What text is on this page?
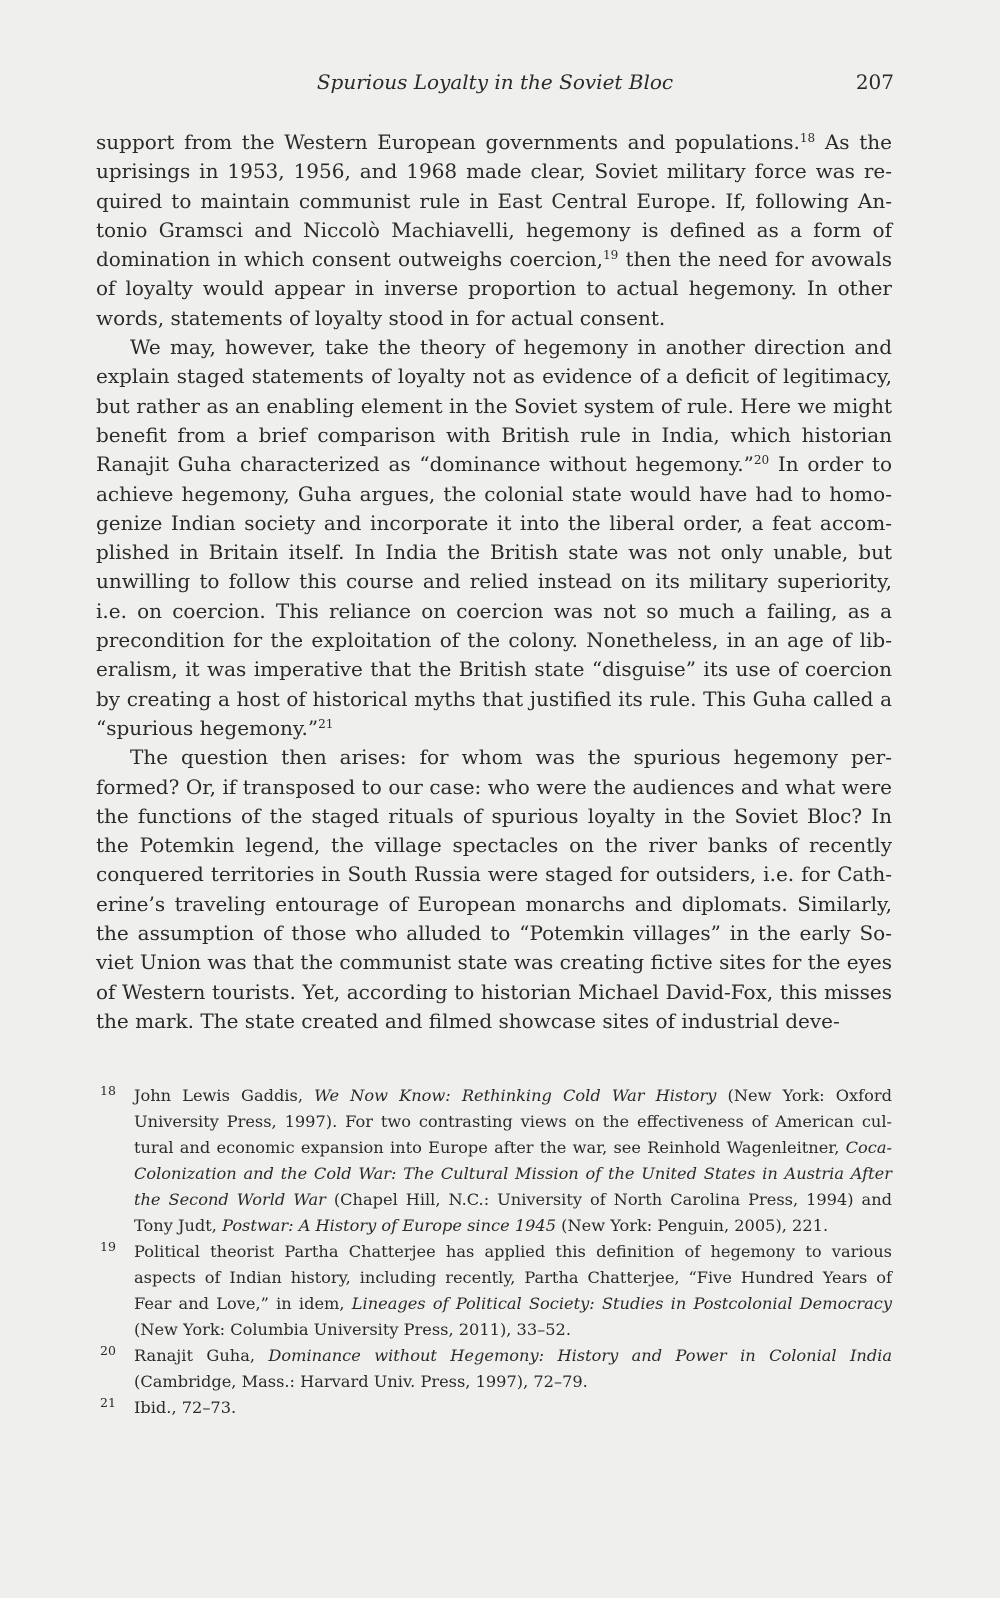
Spurious Loyalty in the Soviet Bloc	207

support from the Western European governments and populations.$^{18}$ As the uprisings in 1953, 1956, and 1968 made clear, Soviet military force was required to maintain communist rule in East Central Europe. If, following Antonio Gramsci and Niccolò Machiavelli, hegemony is defined as a form of domination in which consent outweighs coercion,$^{19}$ then the need for avowals of loyalty would appear in inverse proportion to actual hegemony. In other words, statements of loyalty stood in for actual consent.

We may, however, take the theory of hegemony in another direction and explain staged statements of loyalty not as evidence of a deficit of legitimacy, but rather as an enabling element in the Soviet system of rule. Here we might benefit from a brief comparison with British rule in India, which historian Ranajit Guha characterized as “dominance without hegemony.”$^{20}$ In order to achieve hegemony, Guha argues, the colonial state would have had to homogenize Indian society and incorporate it into the liberal order, a feat accomplished in Britain itself. In India the British state was not only unable, but unwilling to follow this course and relied instead on its military superiority, i.e. on coercion. This reliance on coercion was not so much a failing, as a precondition for the exploitation of the colony. Nonetheless, in an age of liberalism, it was imperative that the British state “disguise” its use of coercion by creating a host of historical myths that justified its rule. This Guha called a “spurious hegemony.”$^{21}$

The question then arises: for whom was the spurious hegemony performed? Or, if transposed to our case: who were the audiences and what were the functions of the staged rituals of spurious loyalty in the Soviet Bloc? In the Potemkin legend, the village spectacles on the river banks of recently conquered territories in South Russia were staged for outsiders, i.e. for Catherine’s traveling entourage of European monarchs and diplomats. Similarly, the assumption of those who alluded to “Potemkin villages” in the early Soviet Union was that the communist state was creating fictive sites for the eyes of Western tourists. Yet, according to historian Michael David-Fox, this misses the mark. The state created and filmed showcase sites of industrial deve-

18 John Lewis Gaddis, We Now Know: Rethinking Cold War History (New York: Oxford University Press, 1997). For two contrasting views on the effectiveness of American cultural and economic expansion into Europe after the war, see Reinhold Wagenleitner, Coca-Colonization and the Cold War: The Cultural Mission of the United States in Austria After the Second World War (Chapel Hill, N.C.: University of North Carolina Press, 1994) and Tony Judt, Postwar: A History of Europe since 1945 (New York: Penguin, 2005), 221.
19 Political theorist Partha Chatterjee has applied this definition of hegemony to various aspects of Indian history, including recently, Partha Chatterjee, “Five Hundred Years of Fear and Love,” in idem, Lineages of Political Society: Studies in Postcolonial Democracy (New York: Columbia University Press, 2011), 33–52.
20 Ranajit Guha, Dominance without Hegemony: History and Power in Colonial India (Cambridge, Mass.: Harvard Univ. Press, 1997), 72–79.
21 Ibid., 72–73.
